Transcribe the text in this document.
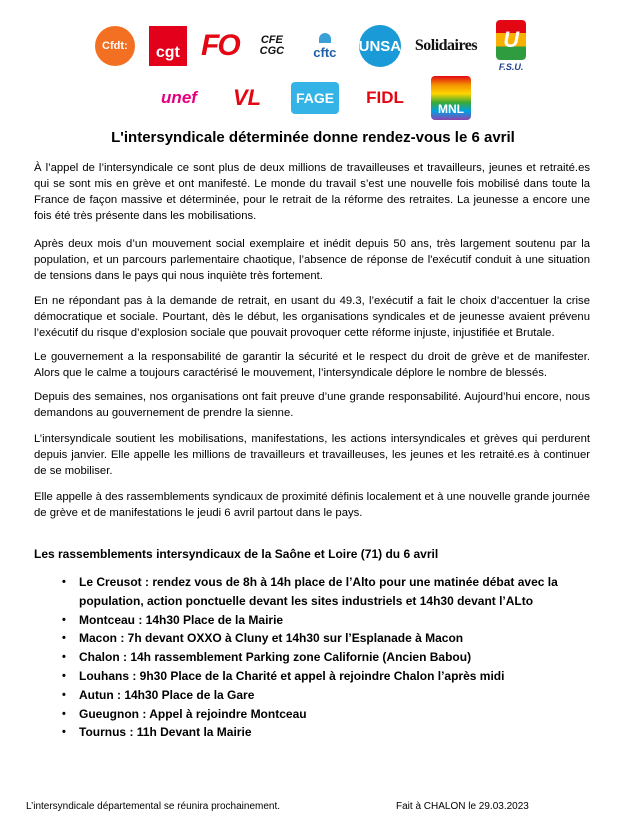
Cfdt: cgt FO CFE
CGC cftc UNSA Solidaires U
F.S.U.
unef VL FAGE FIDL
MNL
L'intersyndicale déterminée donne rendez-vous le 6 avril

À l’appel de l’intersyndicale ce sont plus de deux millions de travailleuses et travailleurs, jeunes et retraité.es qui se sont mis en grève et ont manifesté. Le monde du travail s’est une nouvelle fois mobilisé dans toute la France de façon massive et déterminée, pour le retrait de la réforme des retraites. La jeunesse a encore une fois été très présente dans les mobilisations.

Après deux mois d’un mouvement social exemplaire et inédit depuis 50 ans, très largement soutenu par la population, et un parcours parlementaire chaotique, l’absence de réponse de l'exécutif conduit à une situation de tensions dans le pays qui nous inquiète très fortement.

En ne répondant pas à la demande de retrait, en usant du 49.3, l’exécutif a fait le choix d’accentuer la crise démocratique et sociale. Pourtant, dès le début, les organisations syndicales et de jeunesse avaient prévenu l’exécutif du risque d’explosion sociale que pouvait provoquer cette réforme injuste, injustifiée et Brutale.

Le gouvernement a la responsabilité de garantir la sécurité et le respect du droit de grève et de manifester. Alors que le calme a toujours caractérisé le mouvement, l’intersyndicale déplore le nombre de blessés.

Depuis des semaines, nos organisations ont fait preuve d’une grande responsabilité. Aujourd’hui encore, nous demandons au gouvernement de prendre la sienne.

L’intersyndicale soutient les mobilisations, manifestations, les actions intersyndicales et grèves qui perdurent depuis janvier. Elle appelle les millions de travailleurs et travailleuses, les jeunes et les retraité.es à continuer de se mobiliser.

Elle appelle à des rassemblements syndicaux de proximité définis localement et à une nouvelle grande journée de grève et de manifestations le jeudi 6 avril partout dans le pays.

Les rassemblements intersyndicaux de la Saône et Loire (71) du 6 avril
• Le Creusot : rendez vous de 8h à 14h place de l’Alto pour une matinée débat avec la population, action ponctuelle devant les sites industriels et 14h30 devant l’ALto
• Montceau : 14h30 Place de la Mairie
• Macon : 7h devant OXXO à Cluny et 14h30 sur l’Esplanade à Macon
• Chalon : 14h rassemblement Parking zone Californie (Ancien Babou)
• Louhans : 9h30 Place de la Charité et appel à rejoindre Chalon l’après midi
• Autun : 14h30 Place de la Gare
• Gueugnon : Appel à rejoindre Montceau
• Tournus : 11h Devant la Mairie
L’intersyndicale départemental se réunira prochainement.	Fait à CHALON le 29.03.2023
